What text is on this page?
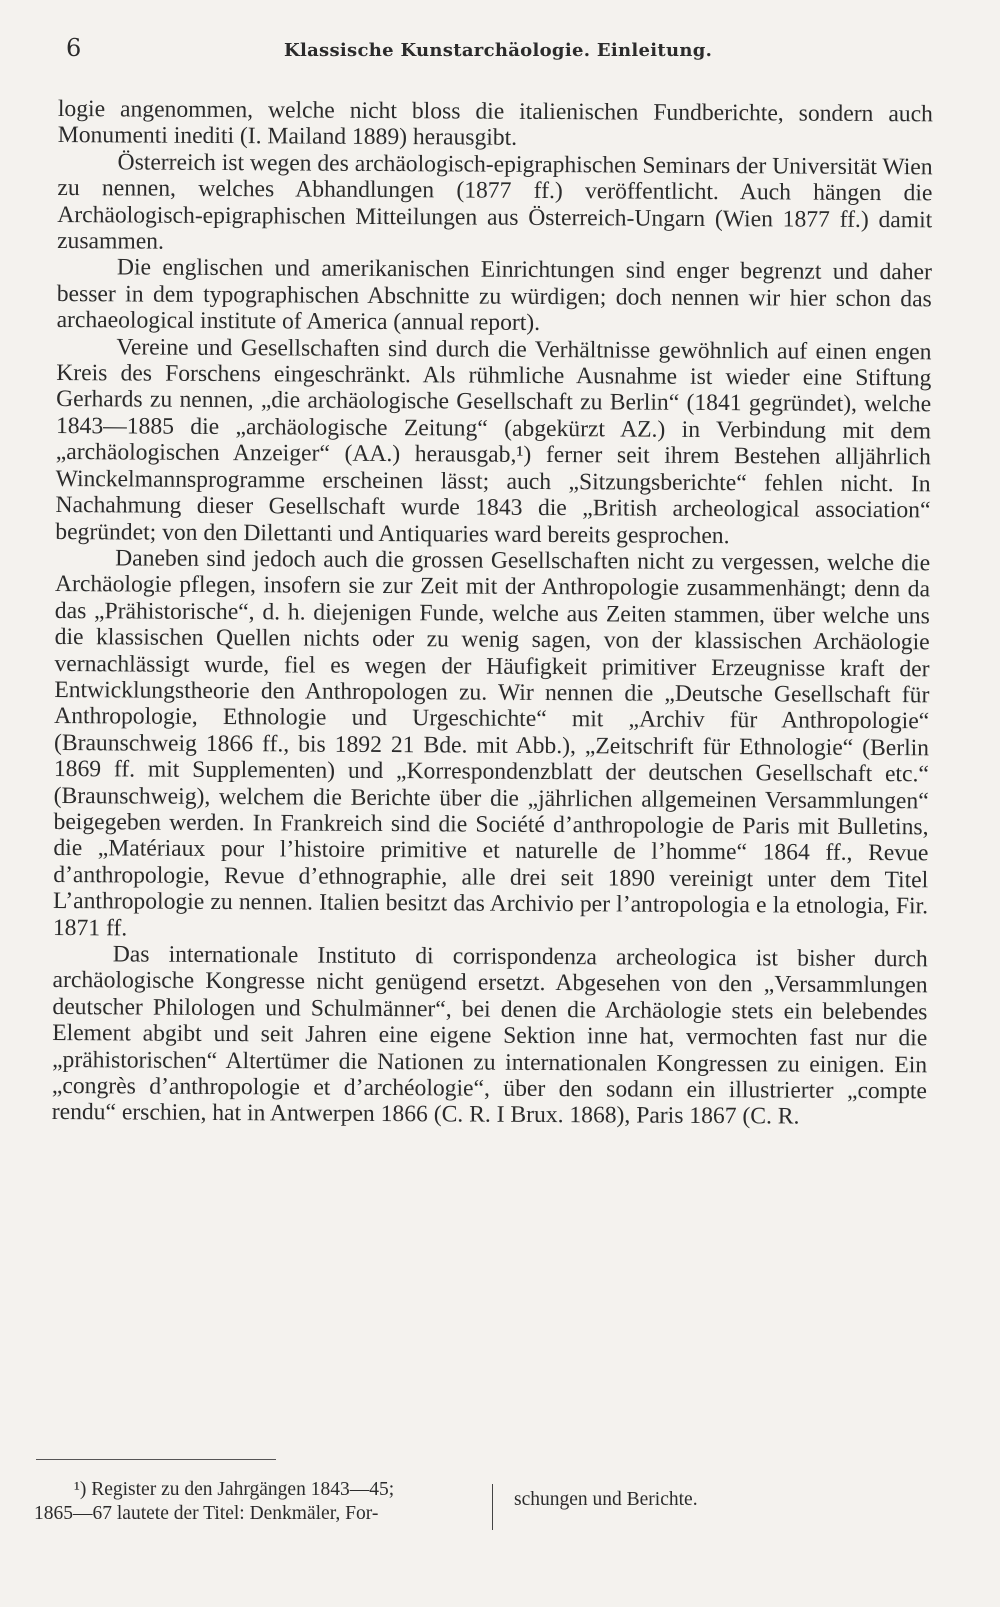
6	Klassische Kunstarchäologie. Einleitung.

logie angenommen, welche nicht bloss die italienischen Fundberichte, sondern auch Monumenti inediti (I. Mailand 1889) herausgibt.

Österreich ist wegen des archäologisch-epigraphischen Seminars der Universität Wien zu nennen, welches Abhandlungen (1877 ff.) veröffentlicht. Auch hängen die Archäologisch-epigraphischen Mitteilungen aus Österreich-Ungarn (Wien 1877 ff.) damit zusammen.

Die englischen und amerikanischen Einrichtungen sind enger begrenzt und daher besser in dem typographischen Abschnitte zu würdigen; doch nennen wir hier schon das archaeological institute of America (annual report).

Vereine und Gesellschaften sind durch die Verhältnisse gewöhnlich auf einen engen Kreis des Forschens eingeschränkt. Als rühmliche Ausnahme ist wieder eine Stiftung Gerhards zu nennen, „die archäologische Gesellschaft zu Berlin“ (1841 gegründet), welche 1843—1885 die „archäologische Zeitung“ (abgekürzt AZ.) in Verbindung mit dem „archäologischen Anzeiger“ (AA.) herausgab,¹) ferner seit ihrem Bestehen alljährlich Winckelmannsprogramme erscheinen lässt; auch „Sitzungsberichte“ fehlen nicht. In Nachahmung dieser Gesellschaft wurde 1843 die „British archeological association“ begründet; von den Dilettanti und Antiquaries ward bereits gesprochen.

Daneben sind jedoch auch die grossen Gesellschaften nicht zu vergessen, welche die Archäologie pflegen, insofern sie zur Zeit mit der Anthropologie zusammenhängt; denn da das „Prähistorische“, d. h. diejenigen Funde, welche aus Zeiten stammen, über welche uns die klassischen Quellen nichts oder zu wenig sagen, von der klassischen Archäologie vernachlässigt wurde, fiel es wegen der Häufigkeit primitiver Erzeugnisse kraft der Entwicklungstheorie den Anthropologen zu. Wir nennen die „Deutsche Gesellschaft für Anthropologie, Ethnologie und Urgeschichte“ mit „Archiv für Anthropologie“ (Braunschweig 1866 ff., bis 1892 21 Bde. mit Abb.), „Zeitschrift für Ethnologie“ (Berlin 1869 ff. mit Supplementen) und „Korrespondenzblatt der deutschen Gesellschaft etc.“ (Braunschweig), welchem die Berichte über die „jährlichen allgemeinen Versammlungen“ beigegeben werden. In Frankreich sind die Société d’anthropologie de Paris mit Bulletins, die „Matériaux pour l’histoire primitive et naturelle de l’homme“ 1864 ff., Revue d’anthropologie, Revue d’ethnographie, alle drei seit 1890 vereinigt unter dem Titel L’anthropologie zu nennen. Italien besitzt das Archivio per l’antropologia e la etnologia, Fir. 1871 ff.

Das internationale Instituto di corrispondenza archeologica ist bisher durch archäologische Kongresse nicht genügend ersetzt. Abgesehen von den „Versammlungen deutscher Philologen und Schulmänner“, bei denen die Archäologie stets ein belebendes Element abgibt und seit Jahren eine eigene Sektion inne hat, vermochten fast nur die „prähistorischen“ Altertümer die Nationen zu internationalen Kongressen zu einigen. Ein „congrès d’anthropologie et d’archéologie“, über den sodann ein illustrierter „compte rendu“ erschien, hat in Antwerpen 1866 (C. R. I Brux. 1868), Paris 1867 (C. R.

¹) Register zu den Jahrgängen 1843—45;
1865—67 lautete der Titel: Denkmäler, For-
schungen und Berichte.
